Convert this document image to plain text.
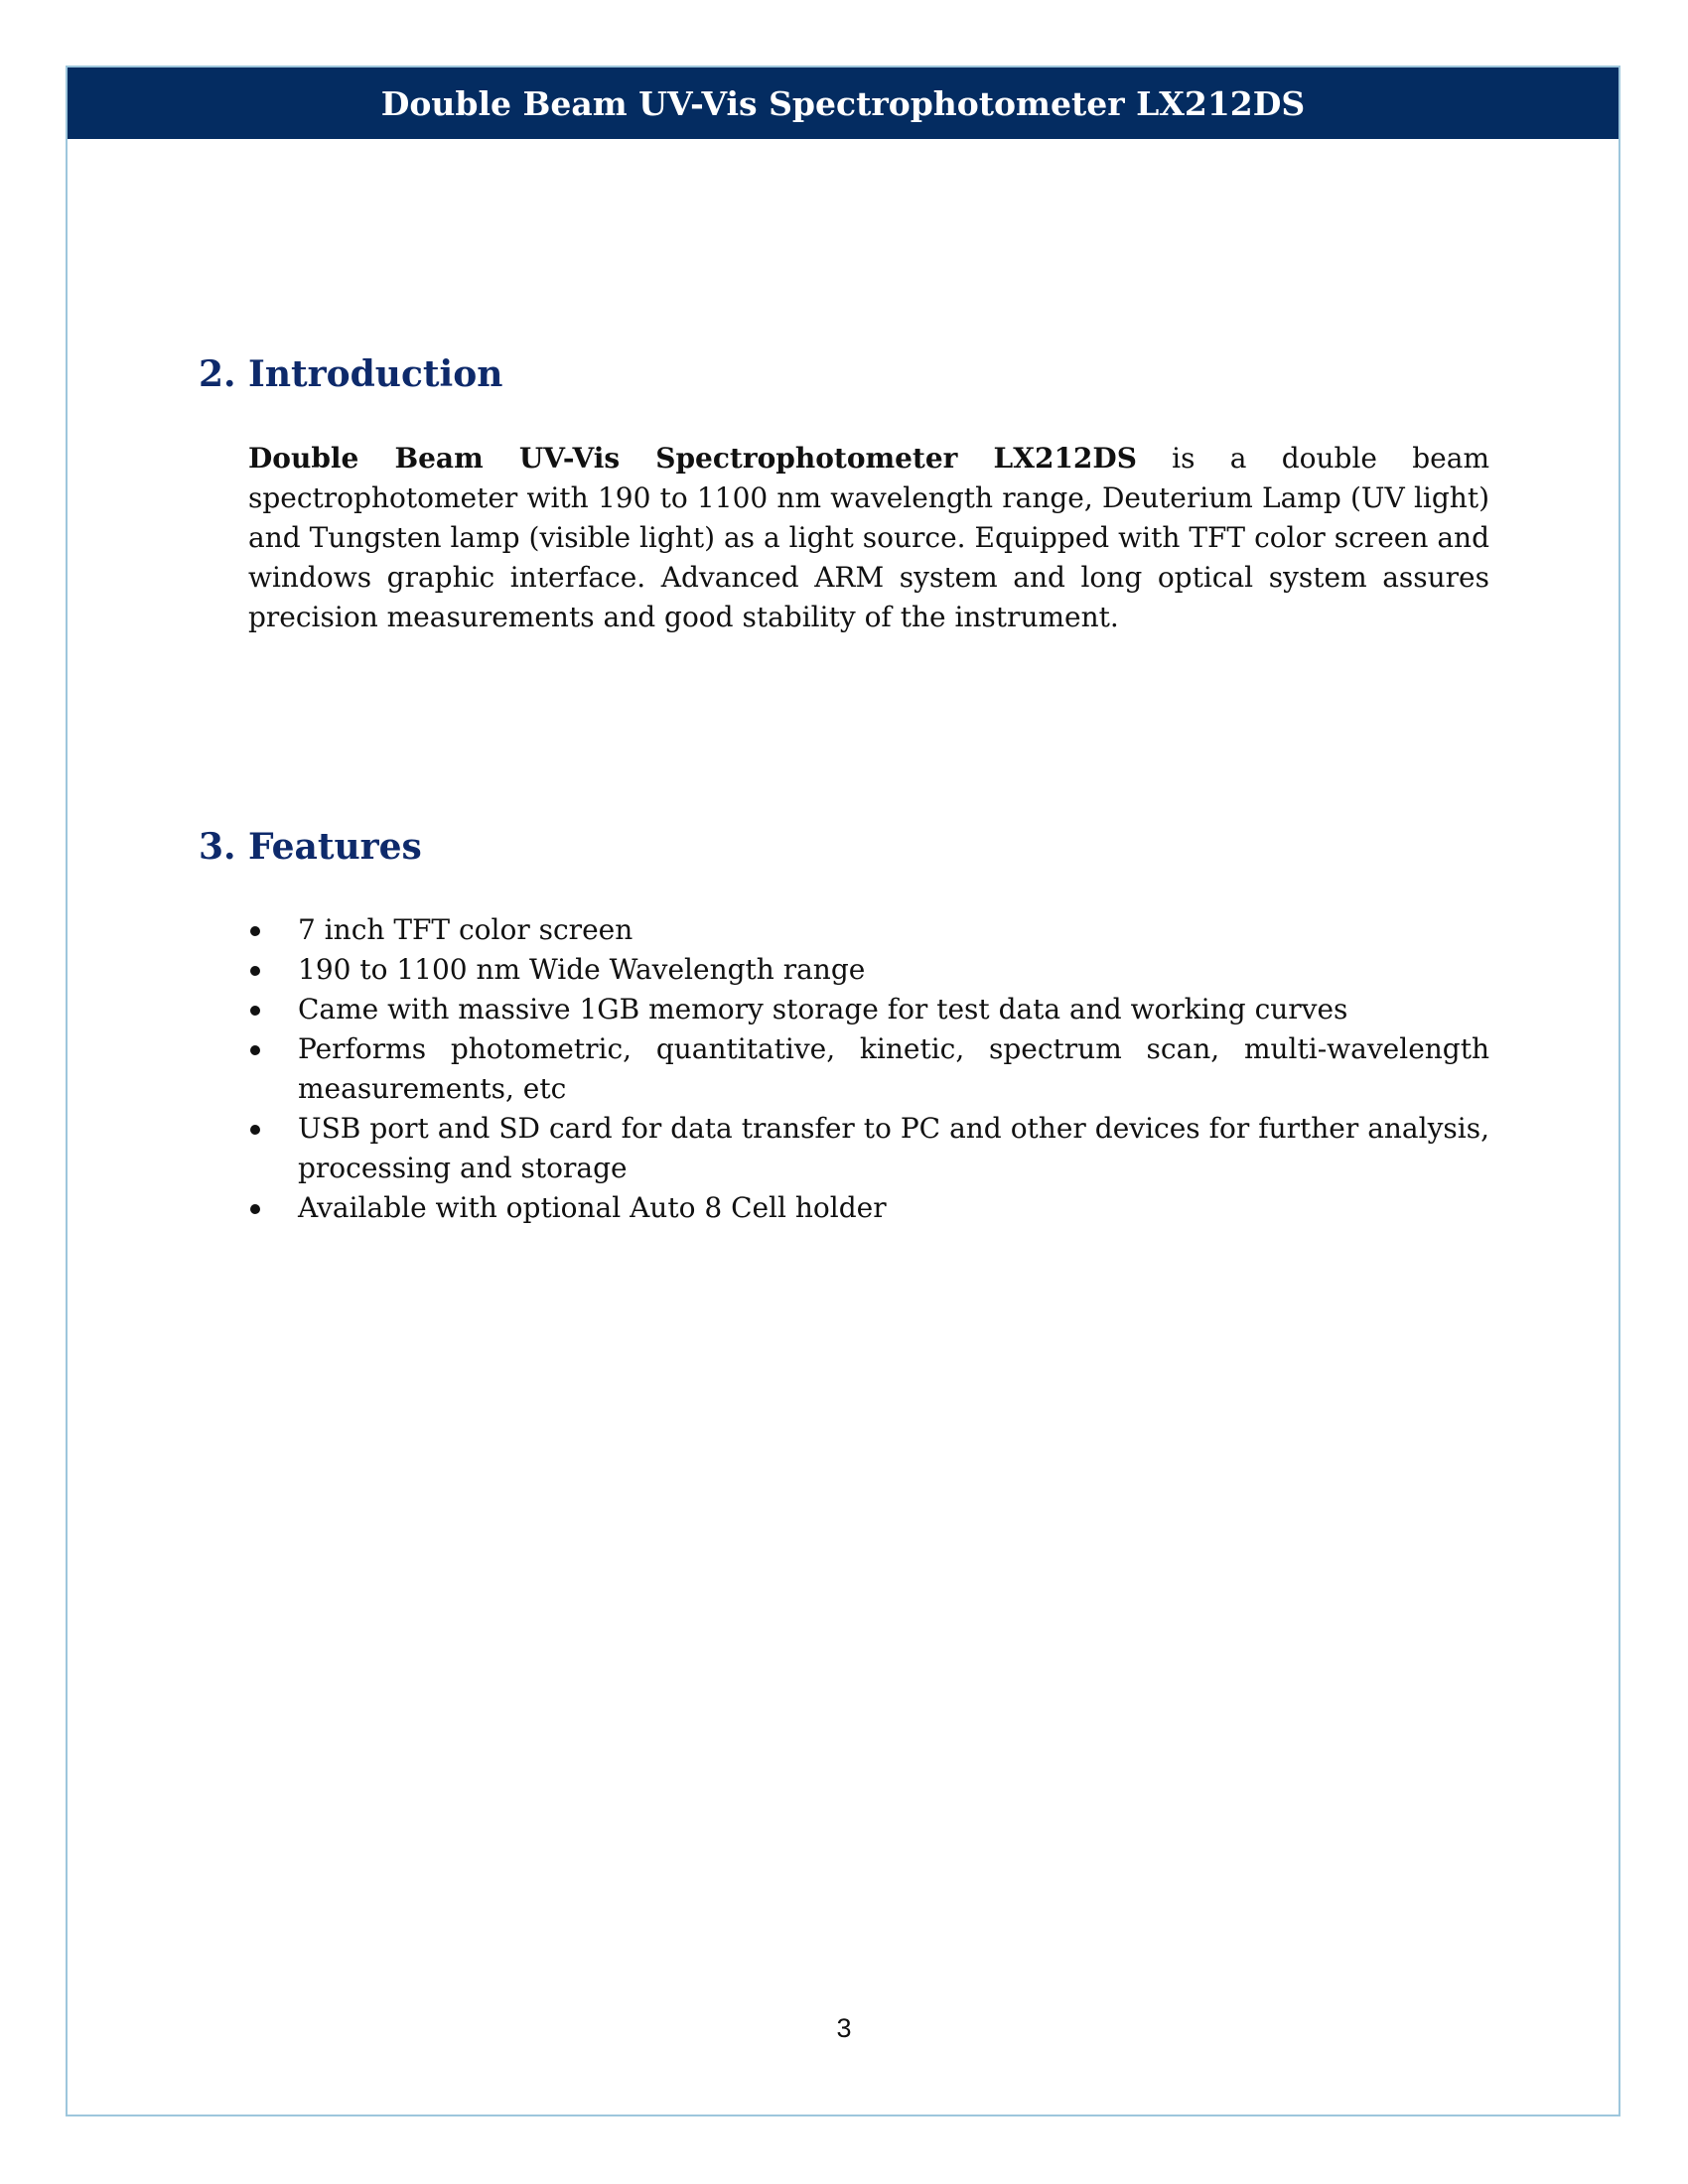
Double Beam UV-Vis Spectrophotometer LX212DS
2. Introduction

Double Beam UV-Vis Spectrophotometer LX212DS is a double beam spectrophotometer with 190 to 1100 nm wavelength range, Deuterium Lamp (UV light) and Tungsten lamp (visible light) as a light source. Equipped with TFT color screen and windows graphic interface. Advanced ARM system and long optical system assures precision measurements and good stability of the instrument.

3. Features
7 inch TFT color screen
190 to 1100 nm Wide Wavelength range
Came with massive 1GB memory storage for test data and working curves
Performs photometric, quantitative, kinetic, spectrum scan, multi-wavelength measurements, etc
USB port and SD card for data transfer to PC and other devices for further analysis, processing and storage
Available with optional Auto 8 Cell holder
3
